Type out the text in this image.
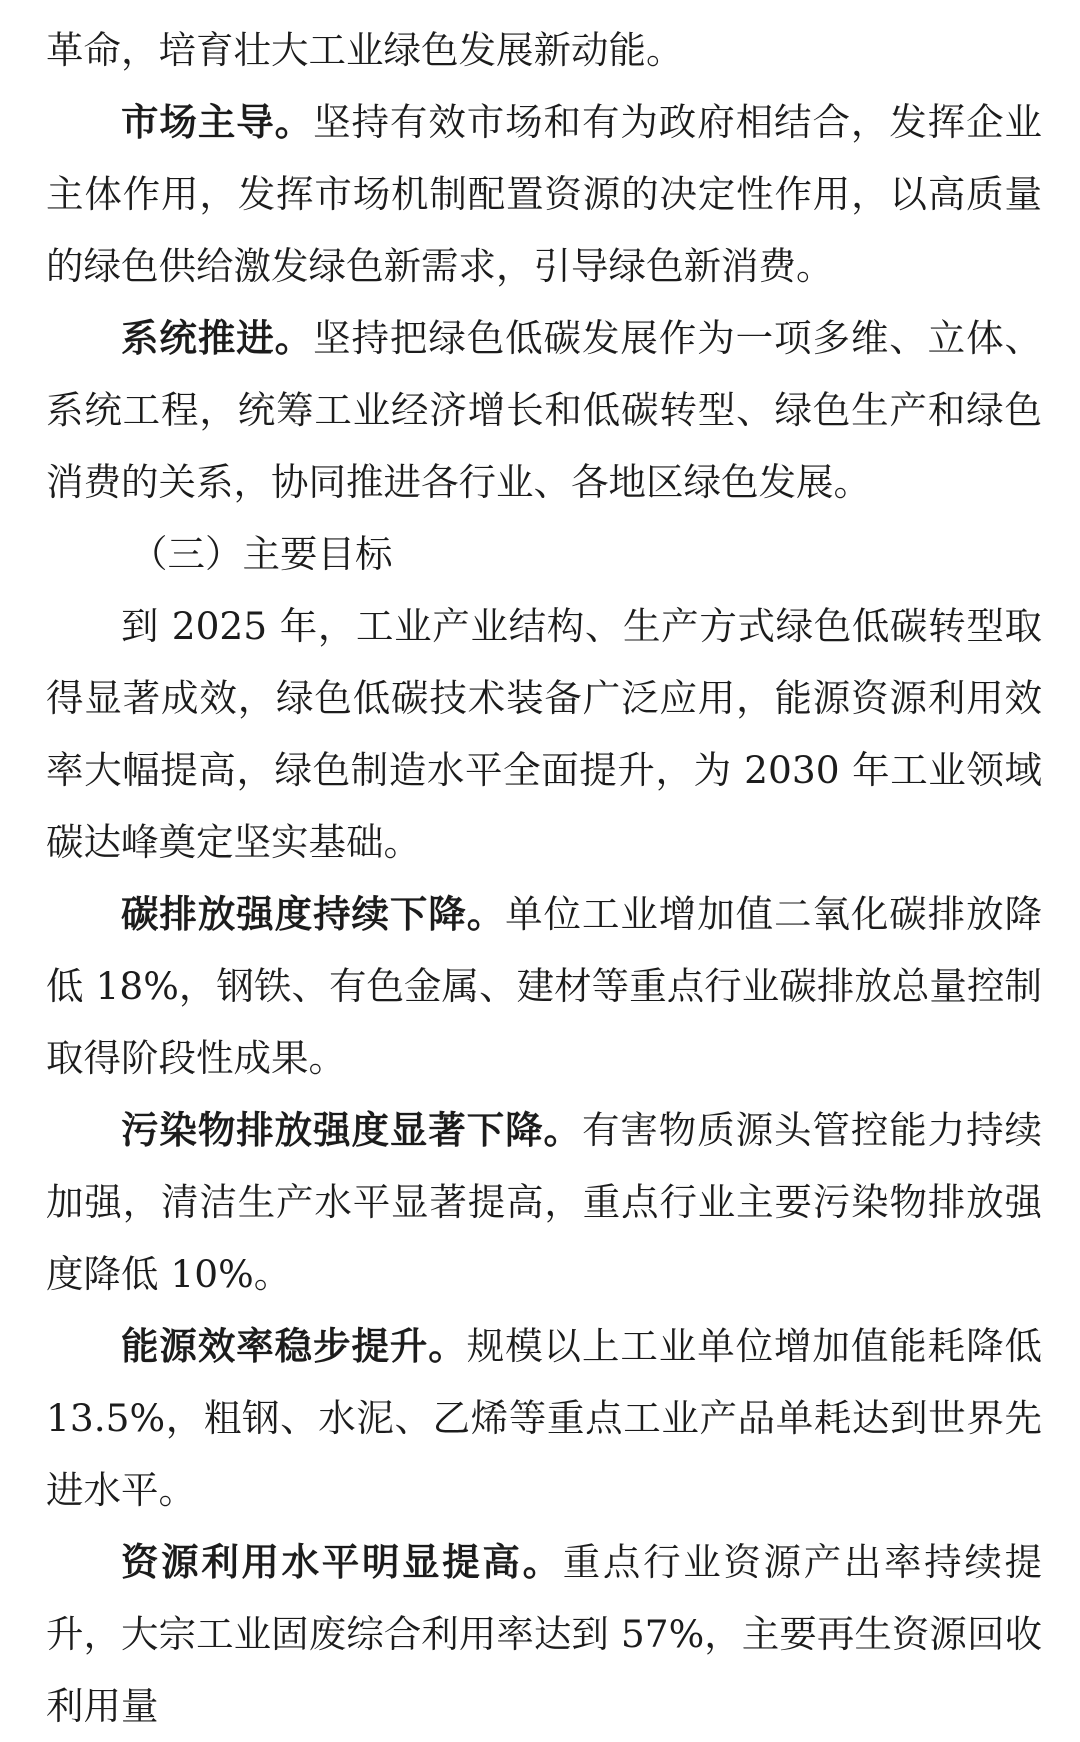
革命，培育壮大工业绿色发展新动能。

市场主导。坚持有效市场和有为政府相结合，发挥企业主体作用，发挥市场机制配置资源的决定性作用，以高质量的绿色供给激发绿色新需求，引导绿色新消费。

系统推进。坚持把绿色低碳发展作为一项多维、立体、系统工程，统筹工业经济增长和低碳转型、绿色生产和绿色消费的关系，协同推进各行业、各地区绿色发展。

（三）主要目标

到 2025 年，工业产业结构、生产方式绿色低碳转型取得显著成效，绿色低碳技术装备广泛应用，能源资源利用效率大幅提高，绿色制造水平全面提升，为 2030 年工业领域碳达峰奠定坚实基础。

碳排放强度持续下降。单位工业增加值二氧化碳排放降低 18%，钢铁、有色金属、建材等重点行业碳排放总量控制取得阶段性成果。

污染物排放强度显著下降。有害物质源头管控能力持续加强，清洁生产水平显著提高，重点行业主要污染物排放强度降低 10%。

能源效率稳步提升。规模以上工业单位增加值能耗降低 13.5%，粗钢、水泥、乙烯等重点工业产品单耗达到世界先进水平。

资源利用水平明显提高。重点行业资源产出率持续提升，大宗工业固废综合利用率达到 57%，主要再生资源回收利用量
